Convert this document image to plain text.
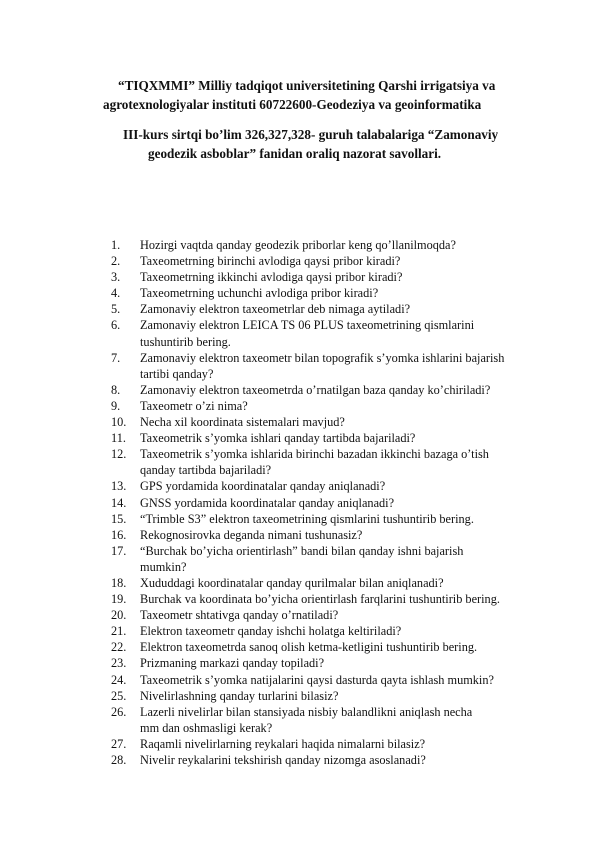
“TIQXMMI” Milliy tadqiqot universitetining Qarshi irrigatsiya va
agrotexnologiyalar instituti 60722600-Geodeziya va geoinformatika
III-kurs sirtqi bo’lim 326,327,328- guruh talabalariga “Zamonaviy
geodezik asboblar” fanidan oraliq nazorat savollari.
1.	Hozirgi vaqtda qanday geodezik priborlar keng qo’llanilmoqda?
2.	Taxeometrning birinchi avlodiga qaysi pribor kiradi?
3.	Taxeometrning ikkinchi avlodiga qaysi pribor kiradi?
4.	Taxeometrning uchunchi avlodiga pribor kiradi?
5.	Zamonaviy elektron taxeometrlar deb nimaga aytiladi?
6.	Zamonaviy elektron LEICA TS 06 PLUS taxeometrining qismlarini
tushuntirib bering.
7.	Zamonaviy elektron taxeometr bilan topografik s’yomka ishlarini bajarish
tartibi qanday?
8.	Zamonaviy elektron taxeometrda o’rnatilgan baza qanday ko’chiriladi?
9.	Taxeometr o’zi nima?
10.	Necha xil koordinata sistemalari mavjud?
11.	Taxeometrik s’yomka ishlari qanday tartibda bajariladi?
12.	Taxeometrik s’yomka ishlarida birinchi bazadan ikkinchi bazaga o’tish
qanday tartibda bajariladi?
13.	GPS yordamida koordinatalar qanday aniqlanadi?
14.	GNSS yordamida koordinatalar qanday aniqlanadi?
15.	“Trimble S3” elektron taxeometrining qismlarini tushuntirib bering.
16.	Rekognosirovka deganda nimani tushunasiz?
17.	“Burchak bo’yicha orientirlash” bandi bilan qanday ishni bajarish
mumkin?
18.	Xududdagi koordinatalar qanday qurilmalar bilan aniqlanadi?
19.	Burchak va koordinata bo’yicha orientirlash farqlarini tushuntirib bering.
20.	Taxeometr shtativga qanday o’rnatiladi?
21.	Elektron taxeometr qanday ishchi holatga keltiriladi?
22.	Elektron taxeometrda sanoq olish ketma-ketligini tushuntirib bering.
23.	Prizmaning markazi qanday topiladi?
24.	Taxeometrik s’yomka natijalarini qaysi dasturda qayta ishlash mumkin?
25.	Nivelirlashning qanday turlarini bilasiz?
26.	Lazerli nivelirlar bilan stansiyada nisbiy balandlikni aniqlash necha
mm dan oshmasligi kerak?
27.	Raqamli nivelirlarning reykalari haqida nimalarni bilasiz?
28.	Nivelir reykalarini tekshirish qanday nizomga asoslanadi?
